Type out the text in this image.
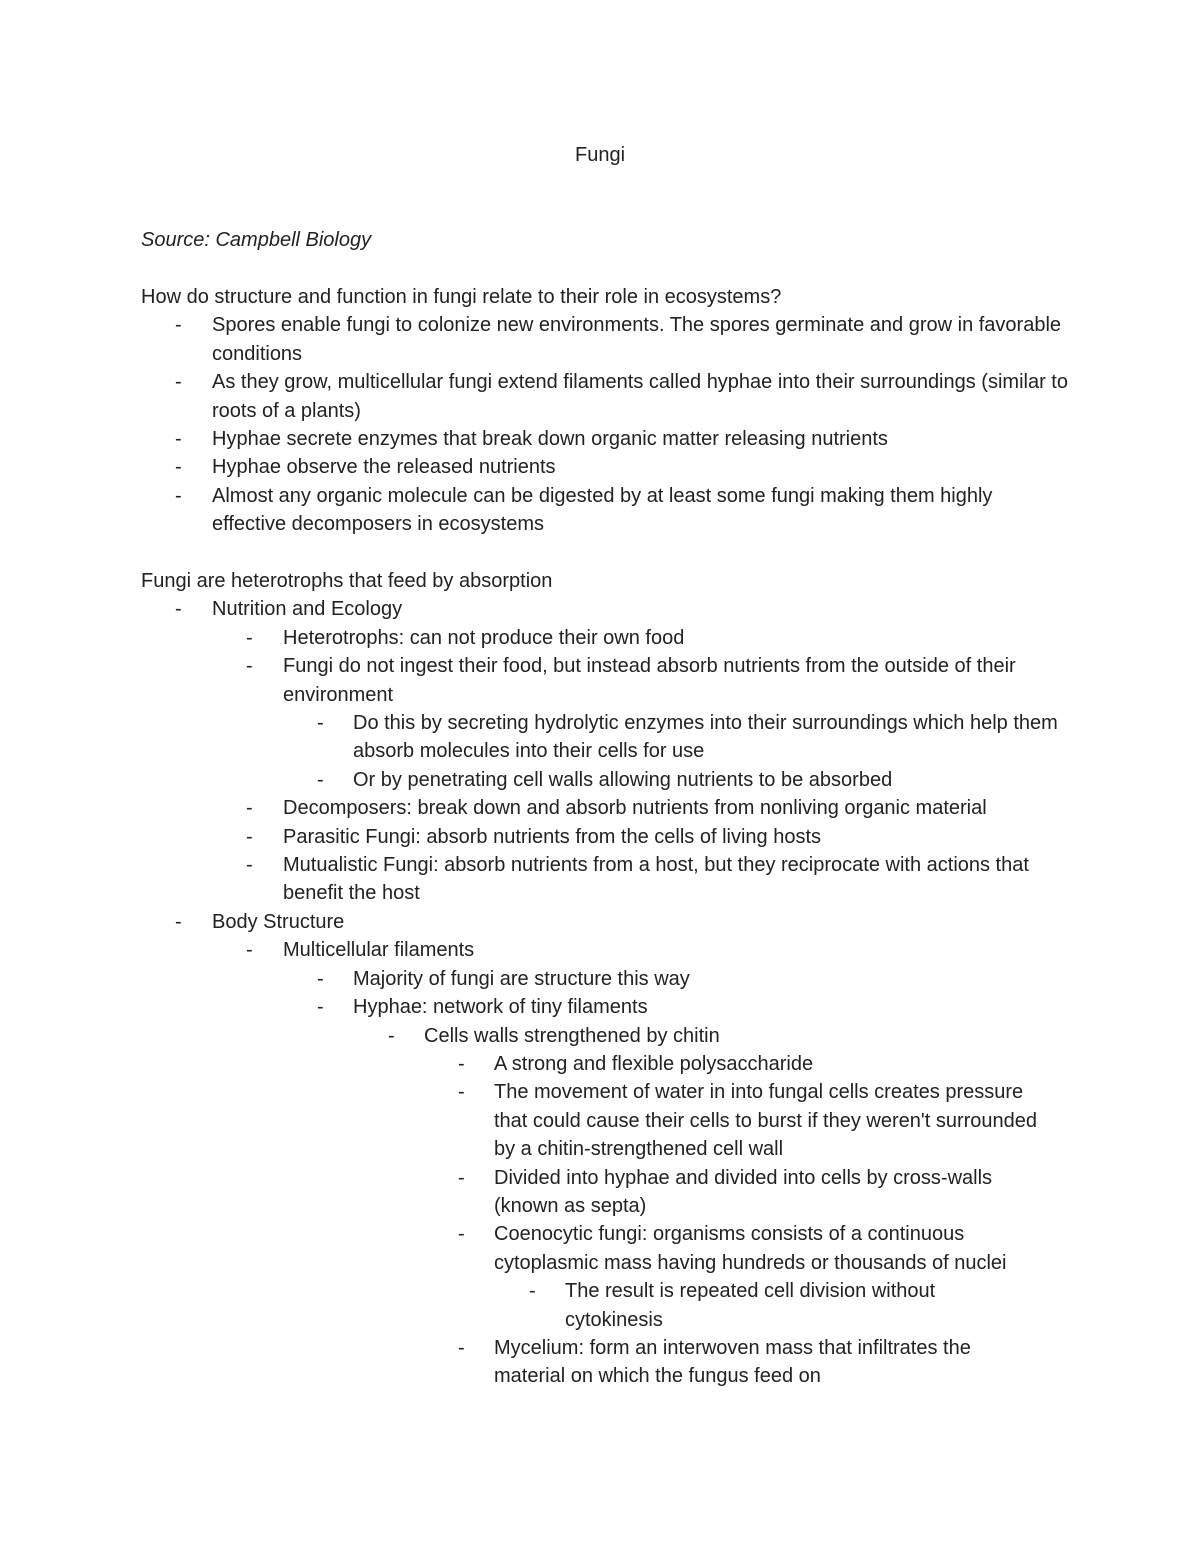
Fungi
Source: Campbell Biology

How do structure and function in fungi relate to their role in ecosystems?

- Spores enable fungi to colonize new environments. The spores germinate and grow in favorable conditions
- As they grow, multicellular fungi extend filaments called hyphae into their surroundings (similar to roots of a plants)
- Hyphae secrete enzymes that break down organic matter releasing nutrients
- Hyphae observe the released nutrients
- Almost any organic molecule can be digested by at least some fungi making them highly effective decomposers in ecosystems

Fungi are heterotrophs that feed by absorption

- Nutrition and Ecology
- Heterotrophs: can not produce their own food
- Fungi do not ingest their food, but instead absorb nutrients from the outside of their environment
- Do this by secreting hydrolytic enzymes into their surroundings which help them absorb molecules into their cells for use
- Or by penetrating cell walls allowing nutrients to be absorbed
- Decomposers: break down and absorb nutrients from nonliving organic material
- Parasitic Fungi: absorb nutrients from the cells of living hosts
- Mutualistic Fungi: absorb nutrients from a host, but they reciprocate with actions that benefit the host
- Body Structure
- Multicellular filaments
- Majority of fungi are structure this way
- Hyphae: network of tiny filaments
- Cells walls strengthened by chitin
- A strong and flexible polysaccharide
- The movement of water in into fungal cells creates pressure that could cause their cells to burst if they weren't surrounded by a chitin-strengthened cell wall
- Divided into hyphae and divided into cells by cross-walls (known as septa)
- Coenocytic fungi: organisms consists of a continuous cytoplasmic mass having hundreds or thousands of nuclei
- The result is repeated cell division without cytokinesis
- Mycelium: form an interwoven mass that infiltrates the material on which the fungus feed on
